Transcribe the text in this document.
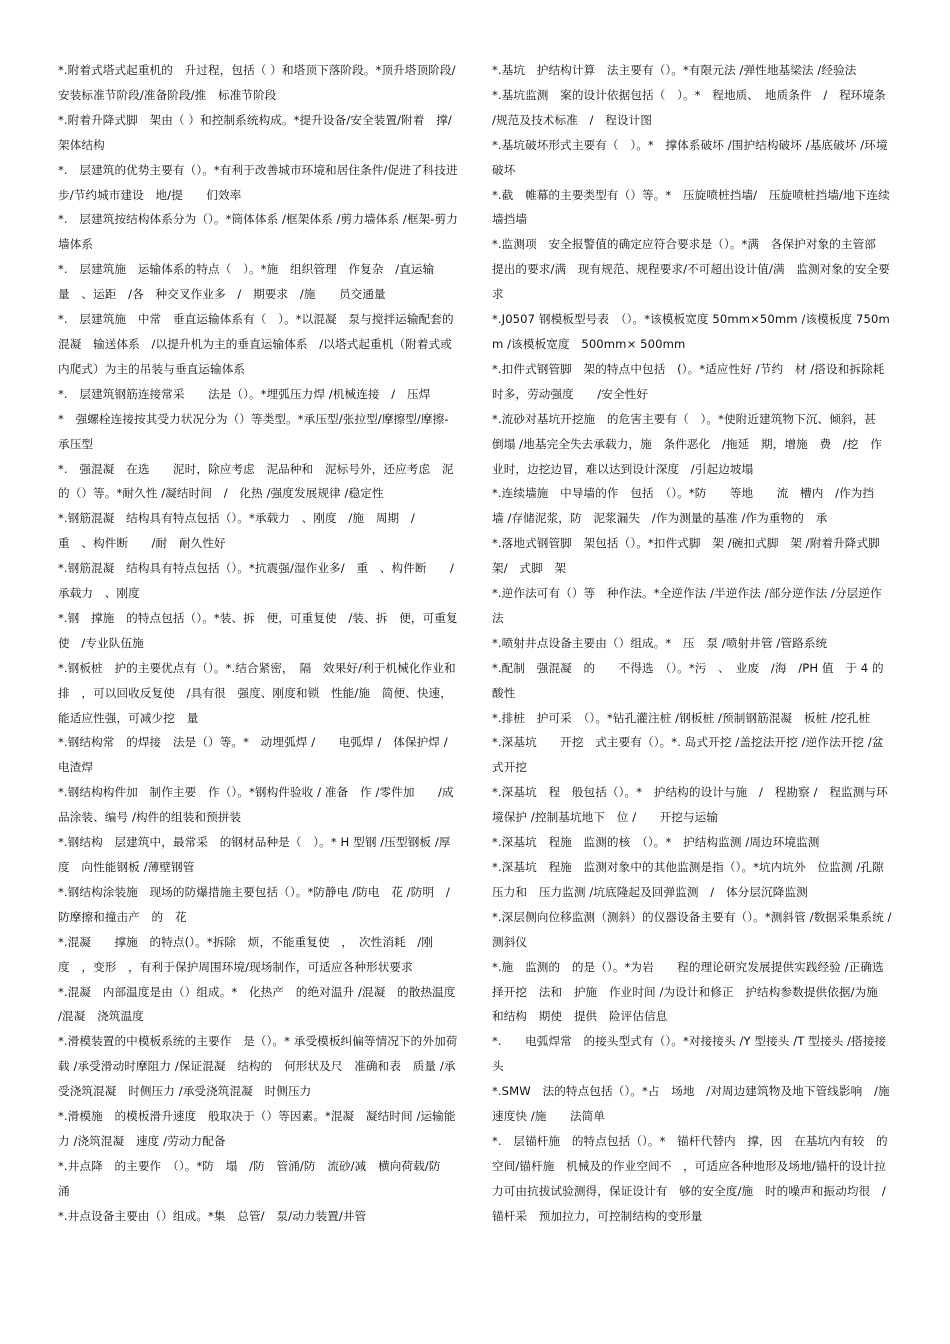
*.附着式塔式起重机的　升过程，包括（ ）和塔顶下落阶段。*顶升塔顶阶段/安装标准节阶段/准备阶段/推　标准节阶段

*.附着升降式脚　架由（ ）和控制系统构成。*提升设备/安全装置/附着　撑/架体结构

*.　层建筑的优势主要有（）。*有利于改善城市环境和居住条件/促进了科技进步/节约城市建设　地/提　　们效率

*.　层建筑按结构体系分为（）。*筒体体系 /框架体系 /剪力墙体系 /框架-剪力墙体系

*.　层建筑施　运输体系的特点（　）。*施　组织管理　作复杂　/直运输量　、运距　/各　种交叉作业多　/　期要求　/施　　员交通量

*.　层建筑施　中常　垂直运输体系有（　）。*以混凝　泵与搅拌运输配套的混凝　输送体系　/以提升机为主的垂直运输体系　/以塔式起重机（附着式或内爬式）为主的吊装与垂直运输体系

*.　层建筑钢筋连接常采　　法是（）。*埋弧压力焊 /机械连接　/　压焊

*　强螺栓连接按其受力状况分为（）等类型。*承压型/张拉型/摩擦型/摩擦-承压型

*.　强混凝　在选　　泥时，除应考虑　泥品种和　泥标号外，还应考虑　泥的（）等。*耐久性 /凝结时间　/　化热 /强度发展规律 /稳定性

*.钢筋混凝　结构具有特点包括（）。*承载力　、刚度　/施　周期　/　重　、构件断　　/耐　耐久性好

*.钢筋混凝　结构具有特点包括（）。*抗震强/湿作业多/　重　、构件断　　/承载力　、刚度

*.钢　撑施　的特点包括（）。*装、拆　便，可重复使　/装、拆　便，可重复使　/专业队伍施

*.钢板桩　护的主要优点有（）。*.结合紧密，　隔　效果好/利于机械化作业和排　，可以回收反复使　/具有很　强度、刚度和锁　性能/施　简便、快速，能适应性强，可减少挖　量

*.钢结构常　的焊接　法是（）等。*　动埋弧焊 /　　电弧焊 /　体保护焊 /电渣焊

*.钢结构构件加　制作主要　作（）。*钢构件验收 / 准备　作 /零件加　　/成品涂装、编号 /构件的组装和预拼装

*.钢结构　层建筑中，最常采　的钢材品种是（　）。* H 型钢 /压型钢板 /厚度　向性能钢板 /薄壁钢管

*.钢结构涂装施　现场的防爆措施主要包括（）。*防静电 /防电　花 /防明　/防摩擦和撞击产　的　花

*.混凝　　撑施　的特点(）。*拆除　烦，不能重复使　，　次性消耗　/刚度　，变形　，有利于保护周围环境/现场制作，可适应各种形状要求

*.混凝　内部温度是由（）组成。*　化热产　的绝对温升 /混凝　的散热温度 /混凝　浇筑温度

*.滑模装置的中模板系统的主要作　是（）。* 承受模板纠偏等情况下的外加荷载 /承受滑动时摩阻力 /保证混凝　结构的　何形状及尺　准确和表　质量 /承受浇筑混凝　时侧压力 /承受浇筑混凝　时侧压力

*.滑模施　的模板滑升速度　般取决于（）等因素。*混凝　凝结时间 /运输能力 /浇筑混凝　速度 /劳动力配备

*.井点降　的主要作　（）。*防　塌　/防　管涌/防　流砂/减　横向荷载/防　涌

*.井点设备主要由（）组成。*集　总管/　泵/动力装置/井管

*.基坑　护结构计算　法主要有（）。*有限元法 /弹性地基梁法 /经验法

*.基坑监测　案的设计依据包括（　）。*　程地质、　地质条件　/　程环境条 /规范及技术标准　/　程设计图

*.基坑破坏形式主要有（　）。*　撑体系破坏 /围护结构破坏 /基底破坏 /环境破坏

*.截　帷幕的主要类型有（）等。*　压旋喷桩挡墙/　压旋喷桩挡墙/地下连续墙挡墙

*.监测项　安全报警值的确定应符合要求是（）。*满　各保护对象的主管部　提出的要求/满　现有规范、规程要求/不可超出设计值/满　监测对象的安全要求

*.J0507 钢模板型号表　（）。*该模板宽度 50mm×50mm /该模板度 750mm /该模板宽度　500mm× 500mm

*.扣件式钢管脚　架的特点中包括　(）。*适应性好 /节约　材 /搭设和拆除耗　　时多，劳动强度　　/安全性好

*.流砂对基坑开挖施　的危害主要有（　）。*使附近建筑物下沉、倾斜，甚　倒塌 /地基完全失去承载力，施　条件恶化　/拖延　期，增施　费　/挖　作业时，边挖边冒，难以达到设计深度　/引起边坡塌

*.连续墙施　中导墙的作　包括　（）。*防　　等地　　流　槽内　/作为挡　墙 /存储泥浆，防　泥浆漏失　/作为测量的基准 /作为重物的　承

*.落地式钢管脚　架包括（）。*扣件式脚　架 /碗扣式脚　架 /附着升降式脚　架/　式脚　架

*.逆作法可有（）等　种作法。*全逆作法 /半逆作法 /部分逆作法 /分层逆作法

*.喷射井点设备主要由（）组成。*　压　泵 /喷射井管 /管路系统

*.配制　强混凝　的　　不得选　（）。*污　、　业废　/海　/PH 值　于 4 的酸性

*.排桩　护可采　（）。*钻孔灌注桩 /钢板桩 /预制钢筋混凝　板桩 /挖孔桩

*.深基坑　　开挖　式主要有（）。*. 岛式开挖 /盖挖法开挖 /逆作法开挖 /盆式开挖

*.深基坑　程　般包括（）。*　护结构的设计与施　/　程勘察 /　程监测与环境保护 /控制基坑地下　位 /　　开挖与运输

*.深基坑　程施　监测的核　（）。*　护结构监测 /周边环境监测

*.深基坑　程施　监测对象中的其他监测是指（）。*坑内坑外　位监测 /孔隙　压力和　压力监测 /坑底隆起及回弹监测　/　体分层沉降监测

*.深层侧向位移监测（测斜）的仪器设备主要有（）。*测斜管 /数据采集系统 /测斜仪

*.施　监测的　的是（）。*为岩　　程的理论研究发展提供实践经验 /正确选择开挖　法和　护施　作业时间 /为设计和修正　护结构参数提供依据/为施　和结构　期使　提供　险评估信息

*.　　电弧焊常　的接头型式有（）。*对接接头 /Y 型接头 /T 型接头 /搭接接头

*.SMW　法的特点包括（）。*占　场地　/对周边建筑物及地下管线影响　/施　速度快 /施　　法简单

*.　层锚杆施　的特点包括（）。*　锚杆代替内　撑，因　在基坑内有较　的空间/锚杆施　机械及的作业空间不　，可适应各种地形及场地/锚杆的设计拉力可由抗拔试验测得，保证设计有　够的安全度/施　时的噪声和振动均很　/锚杆采　预加拉力，可控制结构的变形量
